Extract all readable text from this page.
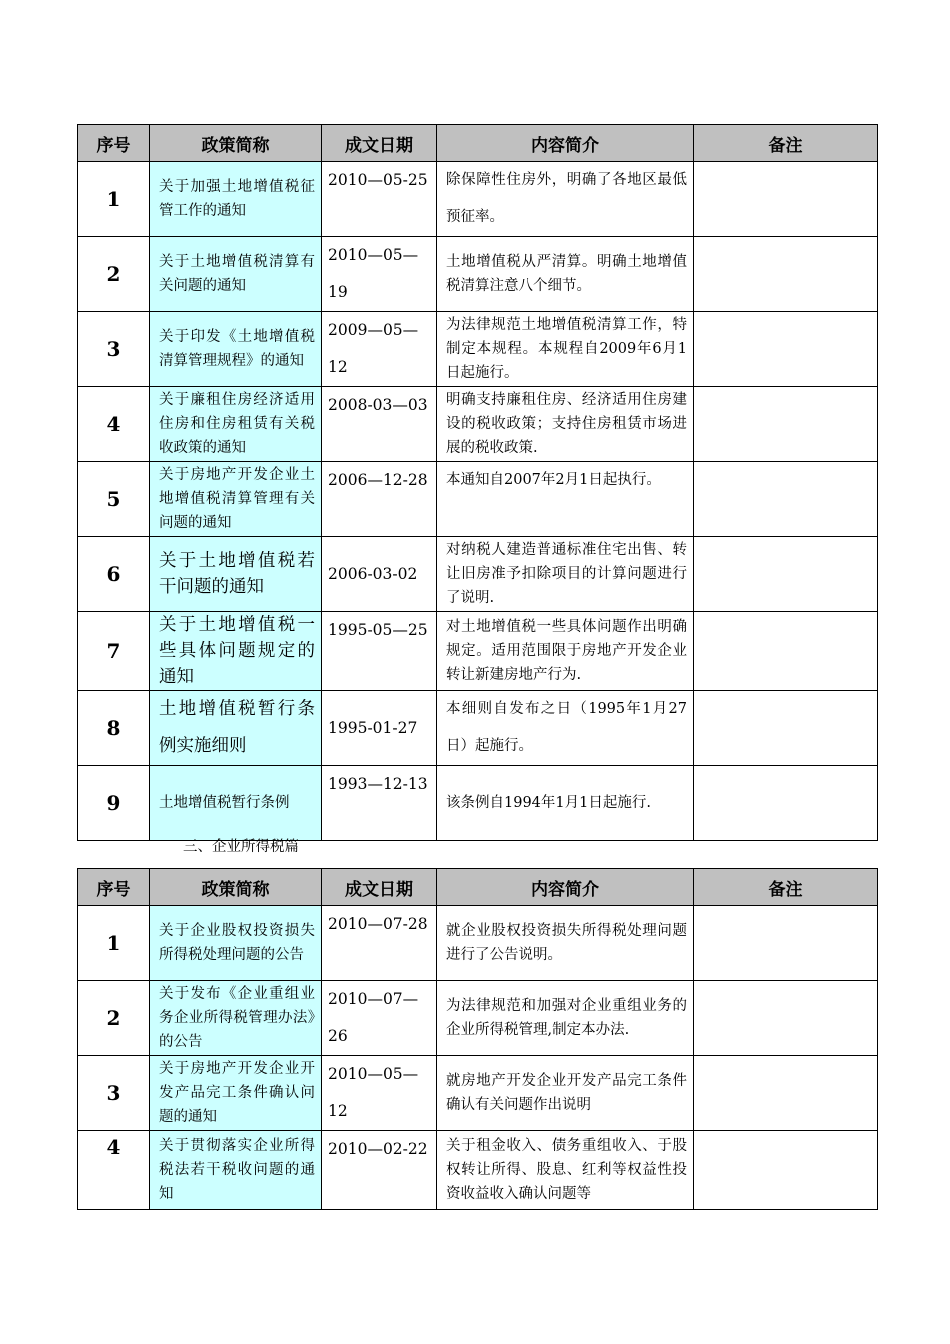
序号	政策简称	成文日期	内容简介	备注
1	关于加强土地增值税征管工作的通知	2010—05-25	除保障性住房外，明确了各地区最低预征率。	
2	关于土地增值税清算有关问题的通知	2010—05—19	土地增值税从严清算。明确土地增值税清算注意八个细节。	
3	关于印发《土地增值税清算管理规程》的通知	2009—05—12	为法律规范土地增值税清算工作，特制定本规程。本规程自2009年6月1日起施行。	
4	关于廉租住房经济适用住房和住房租赁有关税收政策的通知	2008-03—03	明确支持廉租住房、经济适用住房建设的税收政策；支持住房租赁市场进展的税收政策.	
5	关于房地产开发企业土地增值税清算管理有关问题的通知	2006—12-28	本通知自2007年2月1日起执行。	
6	关于土地增值税若干问题的通知	2006-03-02	对纳税人建造普通标准住宅出售、转让旧房准予扣除项目的计算问题进行了说明.	
7	关于土地增值税一些具体问题规定的通知	1995-05—25	对土地增值税一些具体问题作出明确规定。适用范围限于房地产开发企业转让新建房地产行为.	
8	土地增值税暂行条例实施细则	1995-01-27	本细则自发布之日（1995年1月27日）起施行。	
9	土地增值税暂行条例	1993—12-13	该条例自1994年1月1日起施行.	
三、企业所得税篇
序号	政策简称	成文日期	内容简介	备注
1	关于企业股权投资损失所得税处理问题的公告	2010—07-28	就企业股权投资损失所得税处理问题进行了公告说明。	
2	关于发布《企业重组业务企业所得税管理办法》的公告	2010—07—26	为法律规范和加强对企业重组业务的企业所得税管理,制定本办法.	
3	关于房地产开发企业开发产品完工条件确认问题的通知	2010—05—12	就房地产开发企业开发产品完工条件确认有关问题作出说明	
4	关于贯彻落实企业所得税法若干税收问题的通知	2010—02-22	关于租金收入、债务重组收入、于股权转让所得、股息、红利等权益性投资收益收入确认问题等	
